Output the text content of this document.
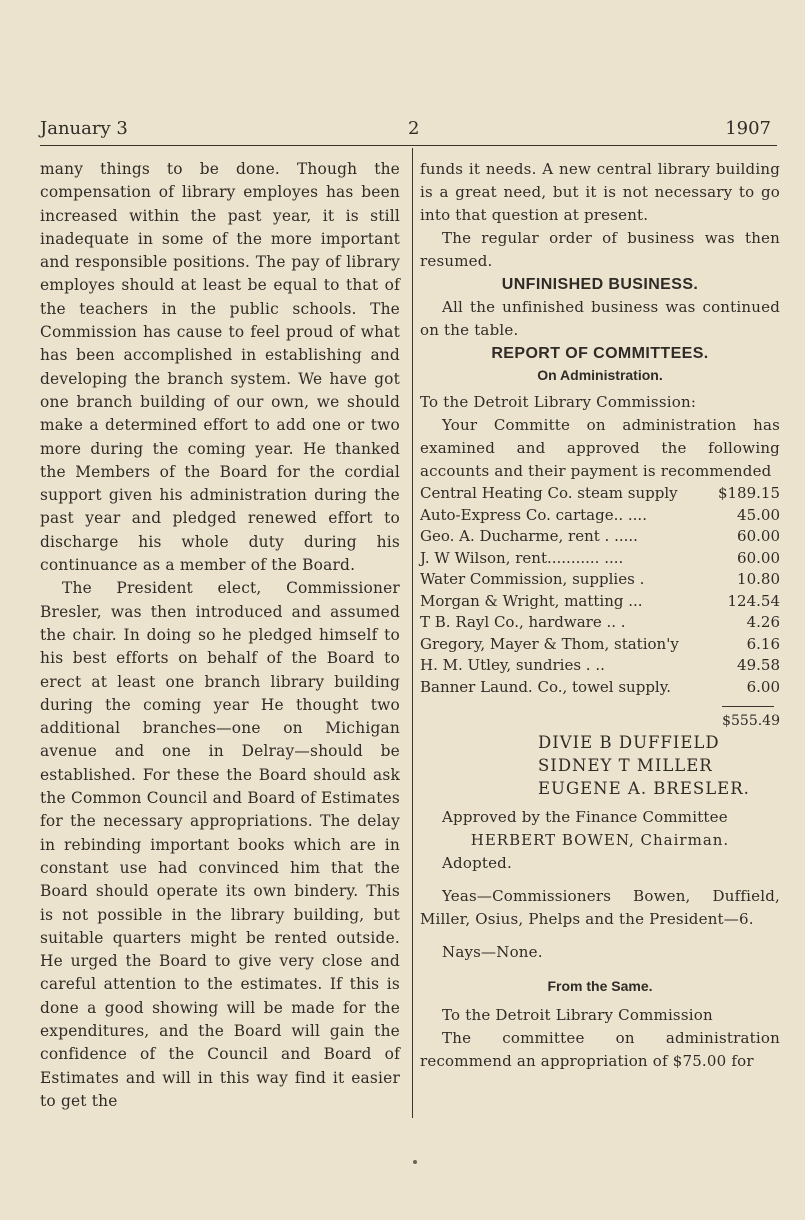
January 3	2	1907

many things to be done. Though the compensation of library employes has been increased within the past year, it is still inadequate in some of the more important and responsible positions. The pay of library employes should at least be equal to that of the teachers in the public schools. The Commission has cause to feel proud of what has been accomplished in establishing and developing the branch system. We have got one branch building of our own, we should make a determined effort to add one or two more during the coming year. He thanked the Members of the Board for the cordial support given his administration during the past year and pledged renewed effort to discharge his whole duty during his continuance as a member of the Board.

The President elect, Commissioner Bresler, was then introduced and assumed the chair. In doing so he pledged himself to his best efforts on behalf of the Board to erect at least one branch library building during the coming year He thought two additional branches—one on Michigan avenue and one in Delray—should be established. For these the Board should ask the Common Council and Board of Estimates for the necessary appropriations. The delay in rebinding important books which are in constant use had convinced him that the Board should operate its own bindery. This is not possible in the library building, but suitable quarters might be rented outside. He urged the Board to give very close and careful attention to the estimates. If this is done a good showing will be made for the expenditures, and the Board will gain the confidence of the Council and Board of Estimates and will in this way find it easier to get the

funds it needs. A new central library building is a great need, but it is not necessary to go into that question at present.

The regular order of business was then resumed.

UNFINISHED BUSINESS.

All the unfinished business was continued on the table.

REPORT OF COMMITTEES.
On Administration.

To the Detroit Library Commission:

Your Committe on administration has examined and approved the following accounts and their payment is recommended

Central Heating Co. steam supply	$189.15
Auto-Express Co. cartage.. ....	45.00
Geo. A. Ducharme, rent . .....	60.00
J. W Wilson, rent........... ....	60.00
Water Commission, supplies .	10.80
Morgan & Wright, matting ...	124.54
T B. Rayl Co., hardware .. .	4.26
Gregory, Mayer & Thom, station'y	6.16
H. M. Utley, sundries . ..	49.58
Banner Laund. Co., towel supply.	6.00
$555.49
DIVIE B DUFFIELD
SIDNEY T MILLER
EUGENE A. BRESLER.

Approved by the Finance Committee

HERBERT BOWEN, Chairman.

Adopted.

Yeas—Commissioners Bowen, Duffield, Miller, Osius, Phelps and the President—6.

Nays—None.

From the Same.

To the Detroit Library Commission

The committee on administration recommend an appropriation of $75.00 for
